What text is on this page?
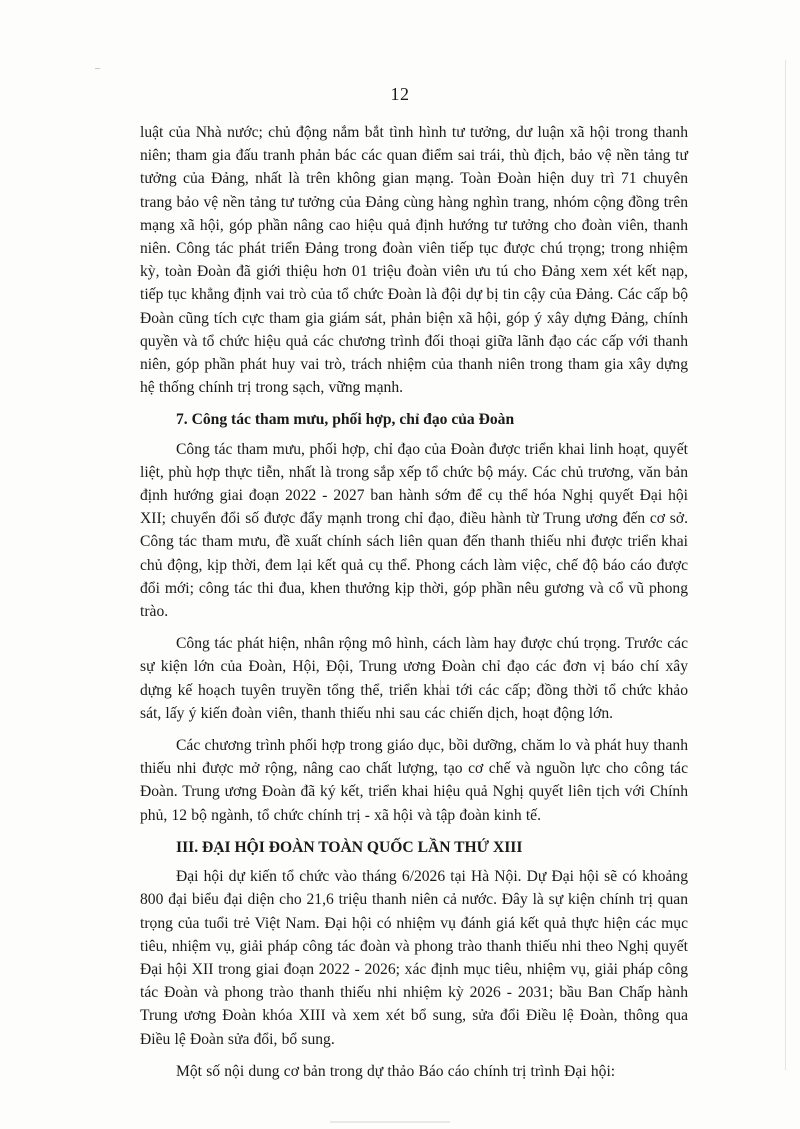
12

luật của Nhà nước; chủ động nắm bắt tình hình tư tưởng, dư luận xã hội trong thanh niên; tham gia đấu tranh phản bác các quan điểm sai trái, thù địch, bảo vệ nền tảng tư tưởng của Đảng, nhất là trên không gian mạng. Toàn Đoàn hiện duy trì 71 chuyên trang bảo vệ nền tảng tư tưởng của Đảng cùng hàng nghìn trang, nhóm cộng đồng trên mạng xã hội, góp phần nâng cao hiệu quả định hướng tư tưởng cho đoàn viên, thanh niên. Công tác phát triển Đảng trong đoàn viên tiếp tục được chú trọng; trong nhiệm kỳ, toàn Đoàn đã giới thiệu hơn 01 triệu đoàn viên ưu tú cho Đảng xem xét kết nạp, tiếp tục khẳng định vai trò của tổ chức Đoàn là đội dự bị tin cậy của Đảng. Các cấp bộ Đoàn cũng tích cực tham gia giám sát, phản biện xã hội, góp ý xây dựng Đảng, chính quyền và tổ chức hiệu quả các chương trình đối thoại giữa lãnh đạo các cấp với thanh niên, góp phần phát huy vai trò, trách nhiệm của thanh niên trong tham gia xây dựng hệ thống chính trị trong sạch, vững mạnh.

7. Công tác tham mưu, phối hợp, chỉ đạo của Đoàn

Công tác tham mưu, phối hợp, chỉ đạo của Đoàn được triển khai linh hoạt, quyết liệt, phù hợp thực tiễn, nhất là trong sắp xếp tổ chức bộ máy. Các chủ trương, văn bản định hướng giai đoạn 2022 - 2027 ban hành sớm để cụ thể hóa Nghị quyết Đại hội XII; chuyển đổi số được đẩy mạnh trong chỉ đạo, điều hành từ Trung ương đến cơ sở. Công tác tham mưu, đề xuất chính sách liên quan đến thanh thiếu nhi được triển khai chủ động, kịp thời, đem lại kết quả cụ thể. Phong cách làm việc, chế độ báo cáo được đổi mới; công tác thi đua, khen thưởng kịp thời, góp phần nêu gương và cổ vũ phong trào.

Công tác phát hiện, nhân rộng mô hình, cách làm hay được chú trọng. Trước các sự kiện lớn của Đoàn, Hội, Đội, Trung ương Đoàn chỉ đạo các đơn vị báo chí xây dựng kế hoạch tuyên truyền tổng thể, triển khai tới các cấp; đồng thời tổ chức khảo sát, lấy ý kiến đoàn viên, thanh thiếu nhi sau các chiến dịch, hoạt động lớn.

Các chương trình phối hợp trong giáo dục, bồi dưỡng, chăm lo và phát huy thanh thiếu nhi được mở rộng, nâng cao chất lượng, tạo cơ chế và nguồn lực cho công tác Đoàn. Trung ương Đoàn đã ký kết, triển khai hiệu quả Nghị quyết liên tịch với Chính phủ, 12 bộ ngành, tổ chức chính trị - xã hội và tập đoàn kinh tế.

III. ĐẠI HỘI ĐOÀN TOÀN QUỐC LẦN THỨ XIII

Đại hội dự kiến tổ chức vào tháng 6/2026 tại Hà Nội. Dự Đại hội sẽ có khoảng 800 đại biểu đại diện cho 21,6 triệu thanh niên cả nước. Đây là sự kiện chính trị quan trọng của tuổi trẻ Việt Nam. Đại hội có nhiệm vụ đánh giá kết quả thực hiện các mục tiêu, nhiệm vụ, giải pháp công tác đoàn và phong trào thanh thiếu nhi theo Nghị quyết Đại hội XII trong giai đoạn 2022 - 2026; xác định mục tiêu, nhiệm vụ, giải pháp công tác Đoàn và phong trào thanh thiếu nhi nhiệm kỳ 2026 - 2031; bầu Ban Chấp hành Trung ương Đoàn khóa XIII và xem xét bổ sung, sửa đổi Điều lệ Đoàn, thông qua Điều lệ Đoàn sửa đổi, bổ sung.

Một số nội dung cơ bản trong dự thảo Báo cáo chính trị trình Đại hội:
